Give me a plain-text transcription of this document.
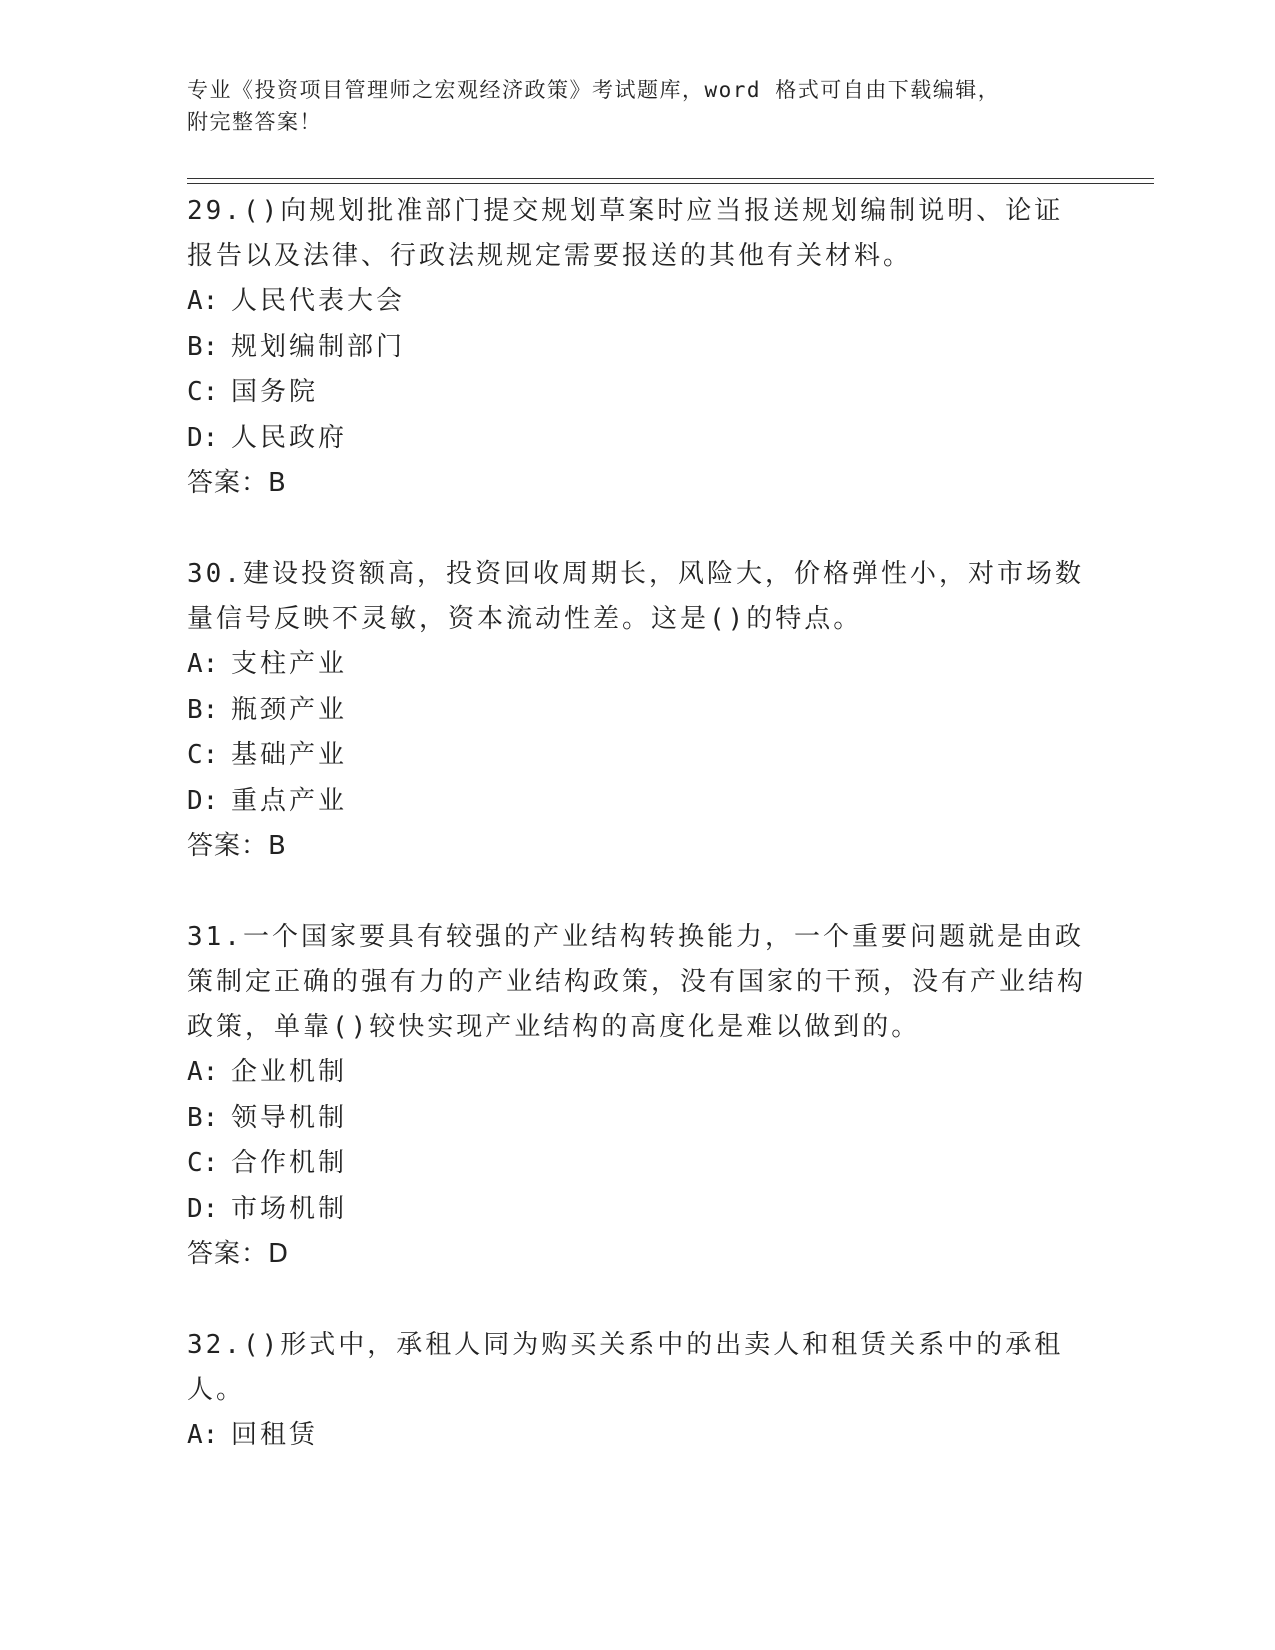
专业《投资项目管理师之宏观经济政策》考试题库，word 格式可自由下载编辑，
附完整答案！

29.()向规划批准部门提交规划草案时应当报送规划编制说明、论证报告以及法律、行政法规规定需要报送的其他有关材料。

A: 人民代表大会

B: 规划编制部门

C: 国务院

D: 人民政府

答案：B

30.建设投资额高，投资回收周期长，风险大，价格弹性小，对市场数量信号反映不灵敏，资本流动性差。这是()的特点。

A: 支柱产业

B: 瓶颈产业

C: 基础产业

D: 重点产业

答案：B

31.一个国家要具有较强的产业结构转换能力，一个重要问题就是由政策制定正确的强有力的产业结构政策，没有国家的干预，没有产业结构政策，单靠()较快实现产业结构的高度化是难以做到的。

A: 企业机制

B: 领导机制

C: 合作机制

D: 市场机制

答案：D

32.()形式中，承租人同为购买关系中的出卖人和租赁关系中的承租人。

A: 回租赁
